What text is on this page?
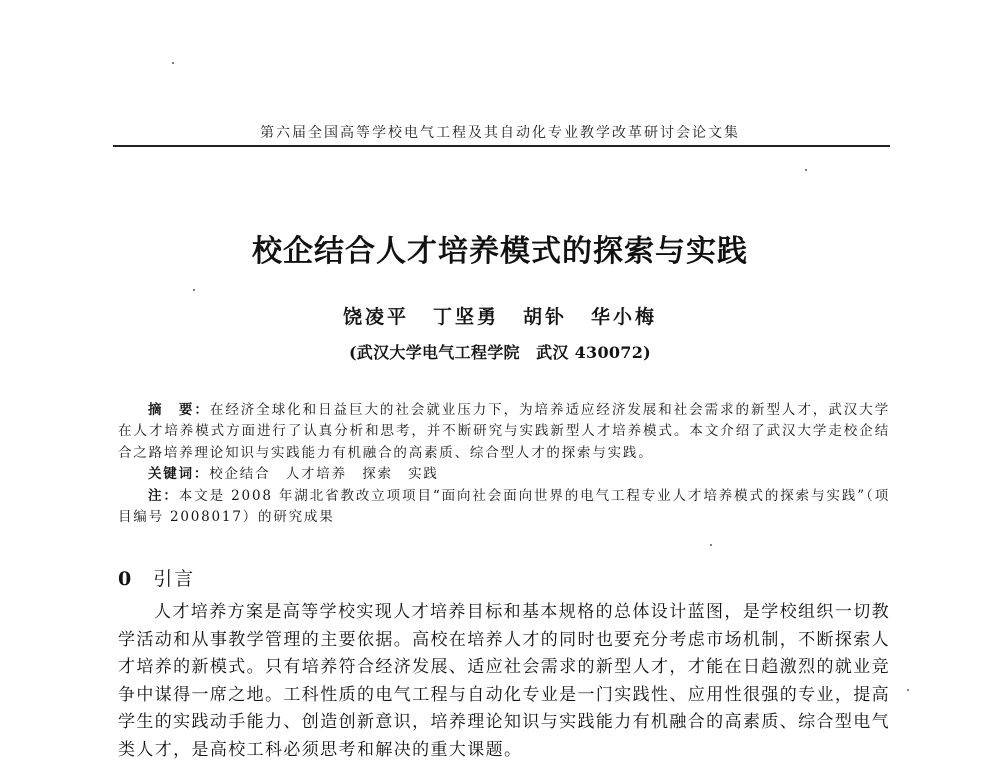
第六届全国高等学校电气工程及其自动化专业教学改革研讨会论文集
校企结合人才培养模式的探索与实践
饶凌平 丁坚勇 胡钋 华小梅
(武汉大学电气工程学院　武汉 430072)

摘　要：在经济全球化和日益巨大的社会就业压力下，为培养适应经济发展和社会需求的新型人才，武汉大学在人才培养模式方面进行了认真分析和思考，并不断研究与实践新型人才培养模式。本文介绍了武汉大学走校企结合之路培养理论知识与实践能力有机融合的高素质、综合型人才的探索与实践。

关键词：校企结合　人才培养　探索　实践

注：本文是 2008 年湖北省教改立项项目“面向社会面向世界的电气工程专业人才培养模式的探索与实践”（项目编号 2008017）的研究成果

0 引言

人才培养方案是高等学校实现人才培养目标和基本规格的总体设计蓝图，是学校组织一切教学活动和从事教学管理的主要依据。高校在培养人才的同时也要充分考虑市场机制，不断探索人才培养的新模式。只有培养符合经济发展、适应社会需求的新型人才，才能在日趋激烈的就业竞争中谋得一席之地。工科性质的电气工程与自动化专业是一门实践性、应用性很强的专业，提高学生的实践动手能力、创造创新意识，培养理论知识与实践能力有机融合的高素质、综合型电气类人才，是高校工科必须思考和解决的重大课题。
